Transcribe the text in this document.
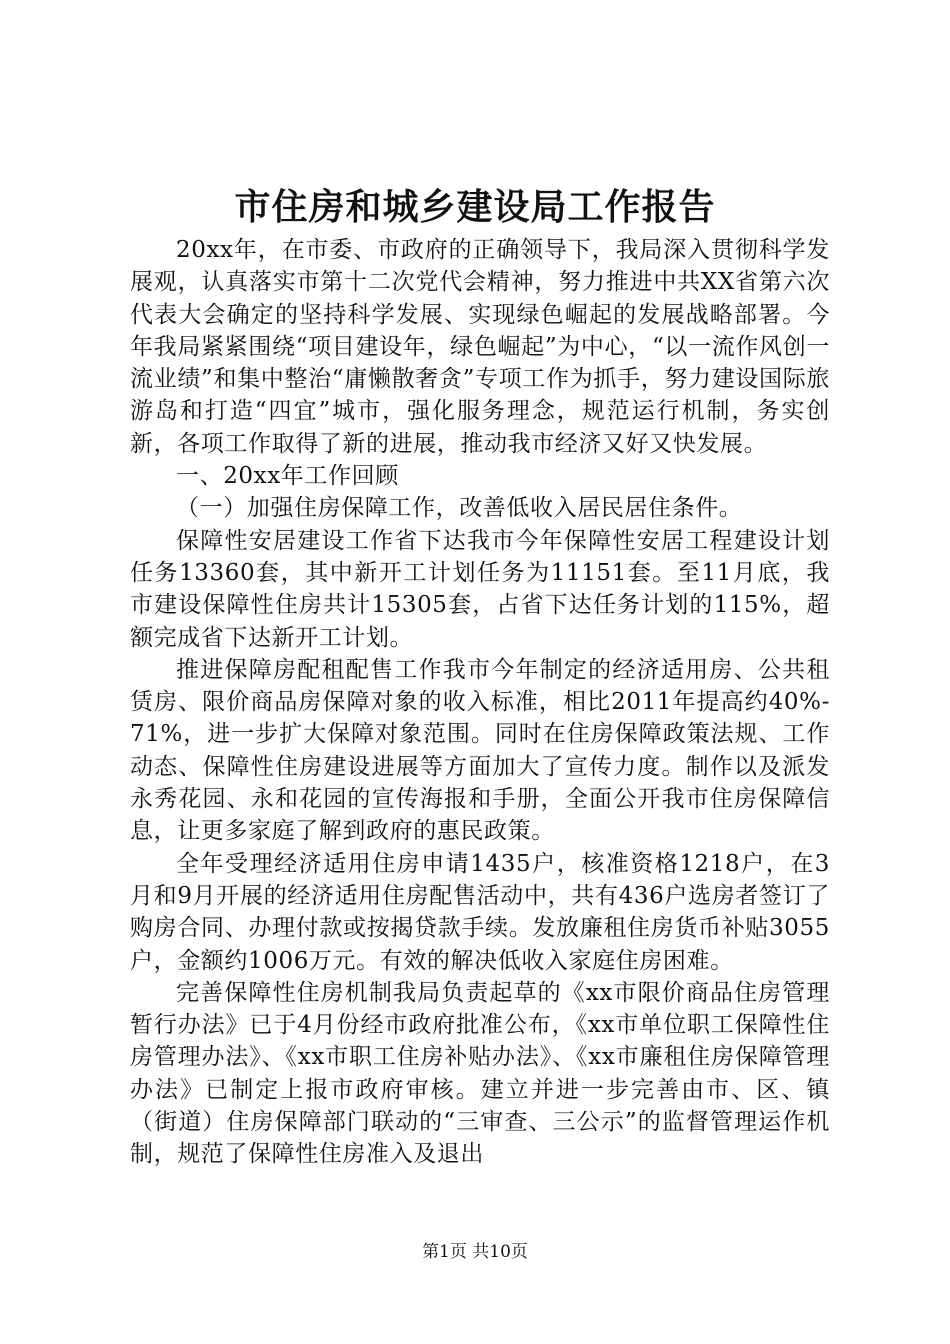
市住房和城乡建设局工作报告

20xx年，在市委、市政府的正确领导下，我局深入贯彻科学发展观，认真落实市第十二次党代会精神，努力推进中共XX省第六次代表大会确定的坚持科学发展、实现绿色崛起的发展战略部署。今年我局紧紧围绕“项目建设年，绿色崛起”为中心，“以一流作风创一流业绩”和集中整治“庸懒散奢贪”专项工作为抓手，努力建设国际旅游岛和打造“四宜”城市，强化服务理念，规范运行机制，务实创新，各项工作取得了新的进展，推动我市经济又好又快发展。

一、20xx年工作回顾

（一）加强住房保障工作，改善低收入居民居住条件。

保障性安居建设工作省下达我市今年保障性安居工程建设计划任务13360套，其中新开工计划任务为11151套。至11月底，我市建设保障性住房共计15305套，占省下达任务计划的115%，超额完成省下达新开工计划。

推进保障房配租配售工作我市今年制定的经济适用房、公共租赁房、限价商品房保障对象的收入标准，相比2011年提高约40%-71%，进一步扩大保障对象范围。同时在住房保障政策法规、工作动态、保障性住房建设进展等方面加大了宣传力度。制作以及派发永秀花园、永和花园的宣传海报和手册，全面公开我市住房保障信息，让更多家庭了解到政府的惠民政策。

全年受理经济适用住房申请1435户，核准资格1218户，在3月和9月开展的经济适用住房配售活动中，共有436户选房者签订了购房合同、办理付款或按揭贷款手续。发放廉租住房货币补贴3055户，金额约1006万元。有效的解决低收入家庭住房困难。

完善保障性住房机制我局负责起草的《xx市限价商品住房管理暂行办法》已于4月份经市政府批准公布，《xx市单位职工保障性住房管理办法》、《xx市职工住房补贴办法》、《xx市廉租住房保障管理办法》已制定上报市政府审核。建立并进一步完善由市、区、镇（街道）住房保障部门联动的“三审查、三公示”的监督管理运作机制，规范了保障性住房准入及退出

第1页 共10页
